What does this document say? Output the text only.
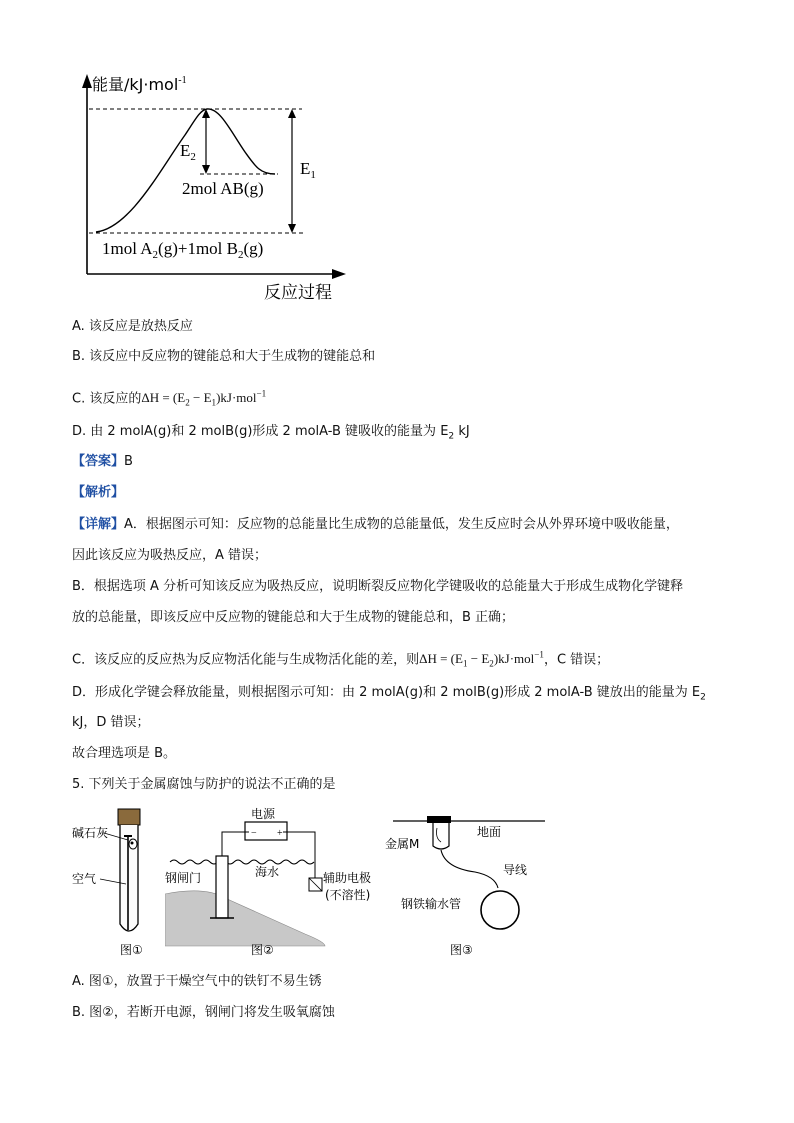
能量/kJ·mol$^{-1}$
$E_2$
$E_1$
2mol AB(g)
1mol $A_2(g)+1mol$ $B_2(g)$
反应过程
A. 该反应是放热反应
B. 该反应中反应物的键能总和大于生成物的键能总和
C. 该反应的$\Delta H = (E_2 - E_1)kJ\cdot mol^{-1}$
D. 由 2 molA(g)和 2 molB(g)形成 2 molA-B 键吸收的能量为 $E_2$ kJ
【答案】B
【解析】
【详解】A．根据图示可知：反应物的总能量比生成物的总能量低，发生反应时会从外界环境中吸收能量，
因此该反应为吸热反应，A 错误；
B．根据选项 A 分析可知该反应为吸热反应，说明断裂反应物化学键吸收的总能量大于形成生成物化学键释
放的总能量，即该反应中反应物的键能总和大于生成物的键能总和，B 正确；
C．该反应的反应热为反应物活化能与生成物活化能的差，则$\Delta H = (E_1 - E_2)kJ\cdot mol^{-1}$，C 错误；
D．形成化学键会释放能量，则根据图示可知：由 2 molA(g)和 2 molB(g)形成 2 molA-B 键放出的能量为 $E_2$
kJ，D 错误；
故合理选项是 B。
5. 下列关于金属腐蚀与防护的说法不正确的是
碱石灰
空气
图①
电源
− +
钢闸门	海水	辅助电极
(不溶性)
图②
地面
金属M
导线
钢铁输水管
图③
A. 图①，放置于干燥空气中的铁钉不易生锈
B. 图②，若断开电源，钢闸门将发生吸氧腐蚀
